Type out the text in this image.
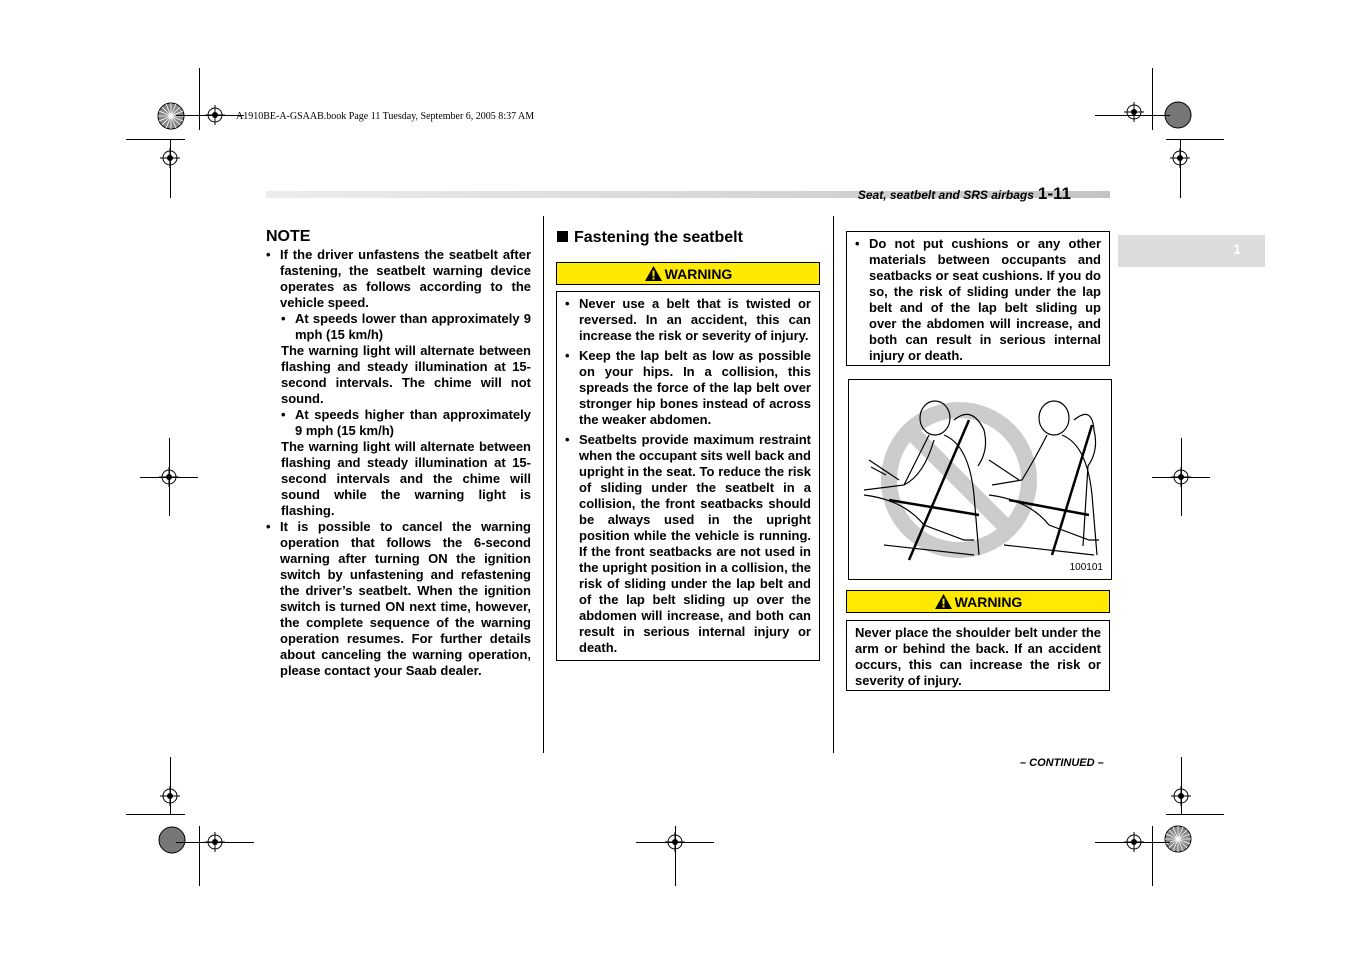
A1910BE-A-GSAAB.book Page 11 Tuesday, September 6, 2005 8:37 AM
Seat, seatbelt and SRS airbags 1-11
1
NOTE

• If the driver unfastens the seatbelt after fastening, the seatbelt warning device operates as follows according to the vehicle speed.

• At speeds lower than approximately 9 mph (15 km/h)

The warning light will alternate between flashing and steady illumination at 15-second intervals. The chime will not sound.

• At speeds higher than approximately 9 mph (15 km/h)

The warning light will alternate between flashing and steady illumination at 15-second intervals and the chime will sound while the warning light is flashing.

• It is possible to cancel the warning operation that follows the 6-second warning after turning ON the ignition switch by unfastening and refastening the driver’s seatbelt. When the ignition switch is turned ON next time, however, the complete sequence of the warning operation resumes. For further details about canceling the warning operation, please contact your Saab dealer.

Fastening the seatbelt
WARNING

• Never use a belt that is twisted or reversed. In an accident, this can increase the risk or severity of injury.

• Keep the lap belt as low as possible on your hips. In a collision, this spreads the force of the lap belt over stronger hip bones instead of across the weaker abdomen.

• Seatbelts provide maximum restraint when the occupant sits well back and upright in the seat. To reduce the risk of sliding under the seatbelt in a collision, the front seatbacks should be always used in the upright position while the vehicle is running. If the front seatbacks are not used in the upright position in a collision, the risk of sliding under the lap belt and of the lap belt sliding up over the abdomen will increase, and both can result in serious internal injury or death.

• Do not put cushions or any other materials between occupants and seatbacks or seat cushions. If you do so, the risk of sliding under the lap belt and of the lap belt sliding up over the abdomen will increase, and both can result in serious internal injury or death.

100101
WARNING

Never place the shoulder belt under the arm or behind the back. If an accident occurs, this can increase the risk or severity of injury.

– CONTINUED –
